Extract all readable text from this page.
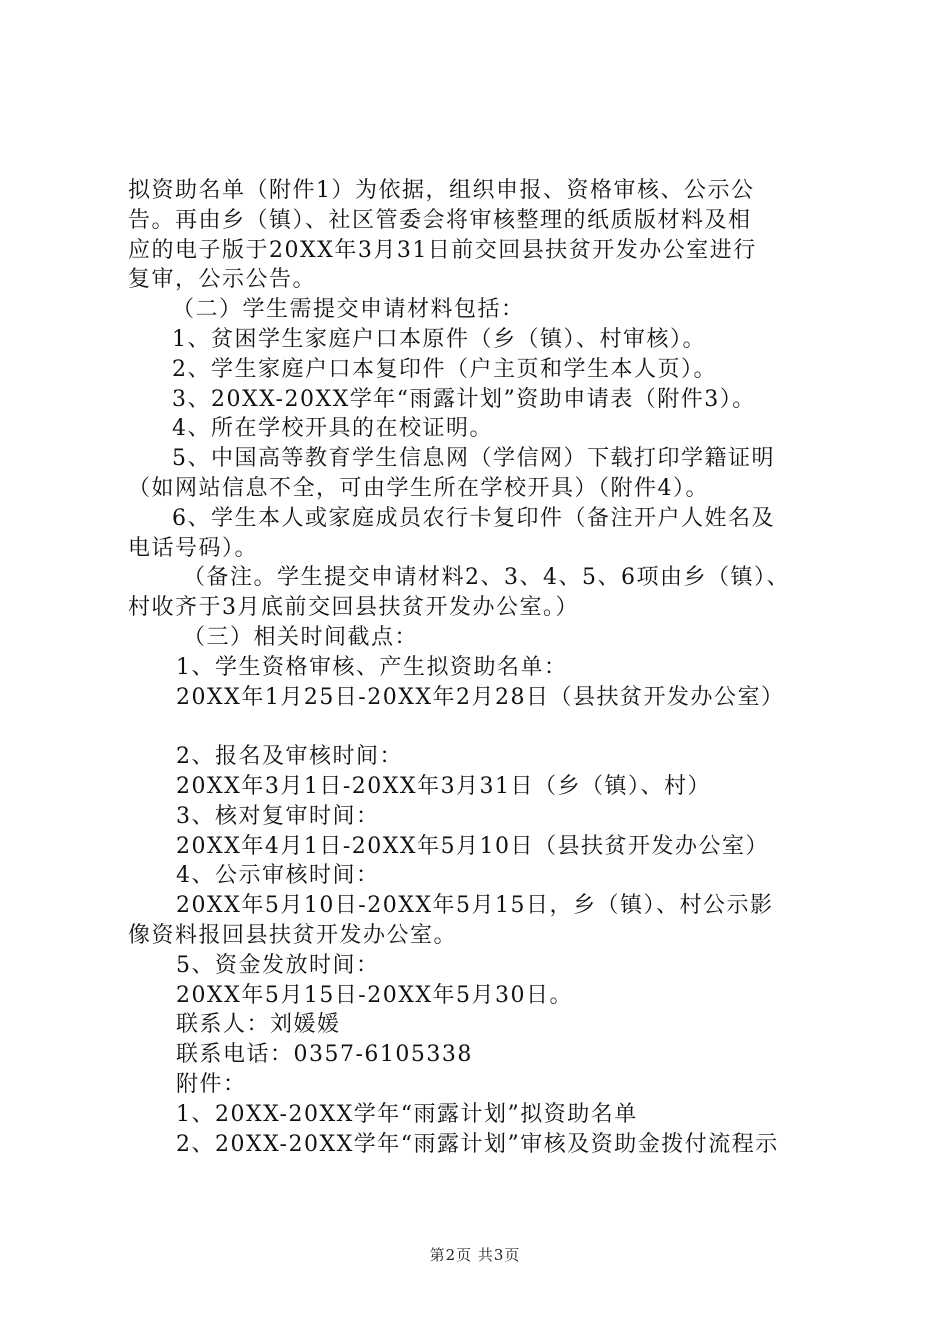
拟资助名单（附件1）为依据，组织申报、资格审核、公示公
告。再由乡（镇）、社区管委会将审核整理的纸质版材料及相
应的电子版于20XX年3月31日前交回县扶贫开发办公室进行
复审，公示公告。
（二）学生需提交申请材料包括：
1、贫困学生家庭户口本原件（乡（镇）、村审核）。
2、学生家庭户口本复印件（户主页和学生本人页）。
3、20XX-20XX学年“雨露计划”资助申请表（附件3）。
4、所在学校开具的在校证明。
5、中国高等教育学生信息网（学信网）下载打印学籍证明
（如网站信息不全，可由学生所在学校开具）（附件4）。
6、学生本人或家庭成员农行卡复印件（备注开户人姓名及
电话号码）。
（备注。学生提交申请材料2、3、4、5、6项由乡（镇）、
村收齐于3月底前交回县扶贫开发办公室。）
（三）相关时间截点：
1、学生资格审核、产生拟资助名单：
20XX年1月25日-20XX年2月28日（县扶贫开发办公室）
2、报名及审核时间：
20XX年3月1日-20XX年3月31日（乡（镇）、村）
3、核对复审时间：
20XX年4月1日-20XX年5月10日（县扶贫开发办公室）
4、公示审核时间：
20XX年5月10日-20XX年5月15日，乡（镇）、村公示影
像资料报回县扶贫开发办公室。
5、资金发放时间：
20XX年5月15日-20XX年5月30日。
联系人：刘媛媛
联系电话：0357-6105338
附件：
1、20XX-20XX学年“雨露计划”拟资助名单
2、20XX-20XX学年“雨露计划”审核及资助金拨付流程示
第2页 共3页
